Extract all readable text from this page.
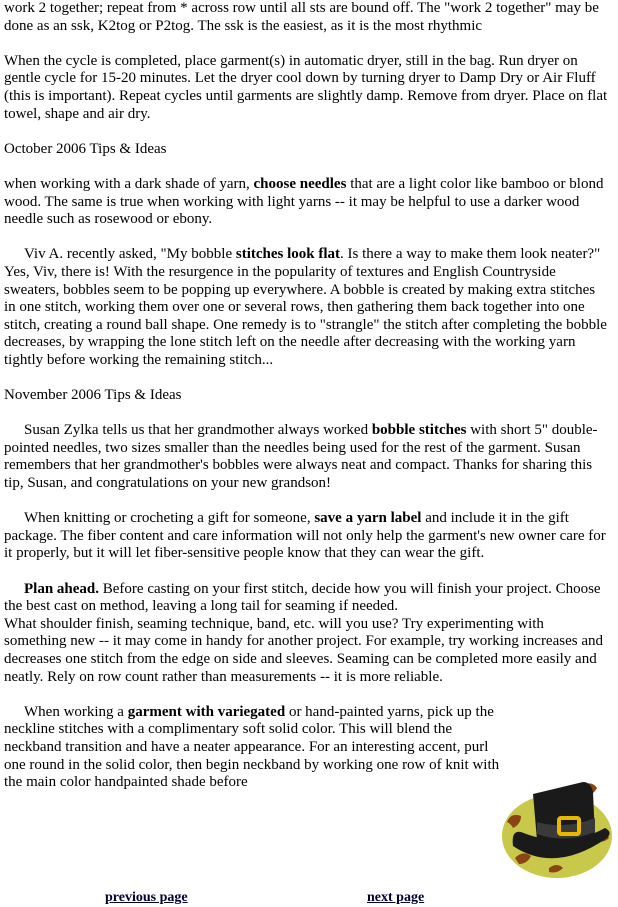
work 2 together; repeat from * across row until all sts are bound off. The "work 2 together" may be done as an ssk, K2tog or P2tog. The ssk is the easiest, as it is the most rhythmic

When the cycle is completed, place garment(s) in automatic dryer, still in the bag. Run dryer on gentle cycle for 15-20 minutes. Let the dryer cool down by turning dryer to Damp Dry or Air Fluff (this is important). Repeat cycles until garments are slightly damp. Remove from dryer. Place on flat towel, shape and air dry.

October 2006 Tips & Ideas

when working with a dark shade of yarn, choose needles that are a light color like bamboo or blond wood. The same is true when working with light yarns -- it may be helpful to use a darker wood needle such as rosewood or ebony.

Viv A. recently asked, "My bobble stitches look flat. Is there a way to make them look neater?" Yes, Viv, there is! With the resurgence in the popularity of textures and English Countryside sweaters, bobbles seem to be popping up everywhere. A bobble is created by making extra stitches in one stitch, working them over one or several rows, then gathering them back together into one stitch, creating a round ball shape. One remedy is to "strangle" the stitch after completing the bobble decreases, by wrapping the lone stitch left on the needle after decreasing with the working yarn tightly before working the remaining stitch...

November 2006 Tips & Ideas

Susan Zylka tells us that her grandmother always worked bobble stitches with short 5" double-pointed needles, two sizes smaller than the needles being used for the rest of the garment. Susan remembers that her grandmother's bobbles were always neat and compact. Thanks for sharing this tip, Susan, and congratulations on your new grandson!

When knitting or crocheting a gift for someone, save a yarn label and include it in the gift package. The fiber content and care information will not only help the garment's new owner care for it properly, but it will let fiber-sensitive people know that they can wear the gift.

Plan ahead. Before casting on your first stitch, decide how you will finish your project. Choose the best cast on method, leaving a long tail for seaming if needed.

What shoulder finish, seaming technique, band, etc. will you use? Try experimenting with something new -- it may come in handy for another project. For example, try working increases and decreases one stitch from the edge on side and sleeves. Seaming can be completed more easily and neatly. Rely on row count rather than measurements -- it is more reliable.

When working a garment with variegated or hand-painted yarns, pick up the neckline stitches with a complimentary soft solid color. This will blend the neckband transition and have a neater appearance. For an interesting accent, purl one round in the solid color, then begin neckband by working one row of knit with the main color handpainted shade before

previous page	next page
